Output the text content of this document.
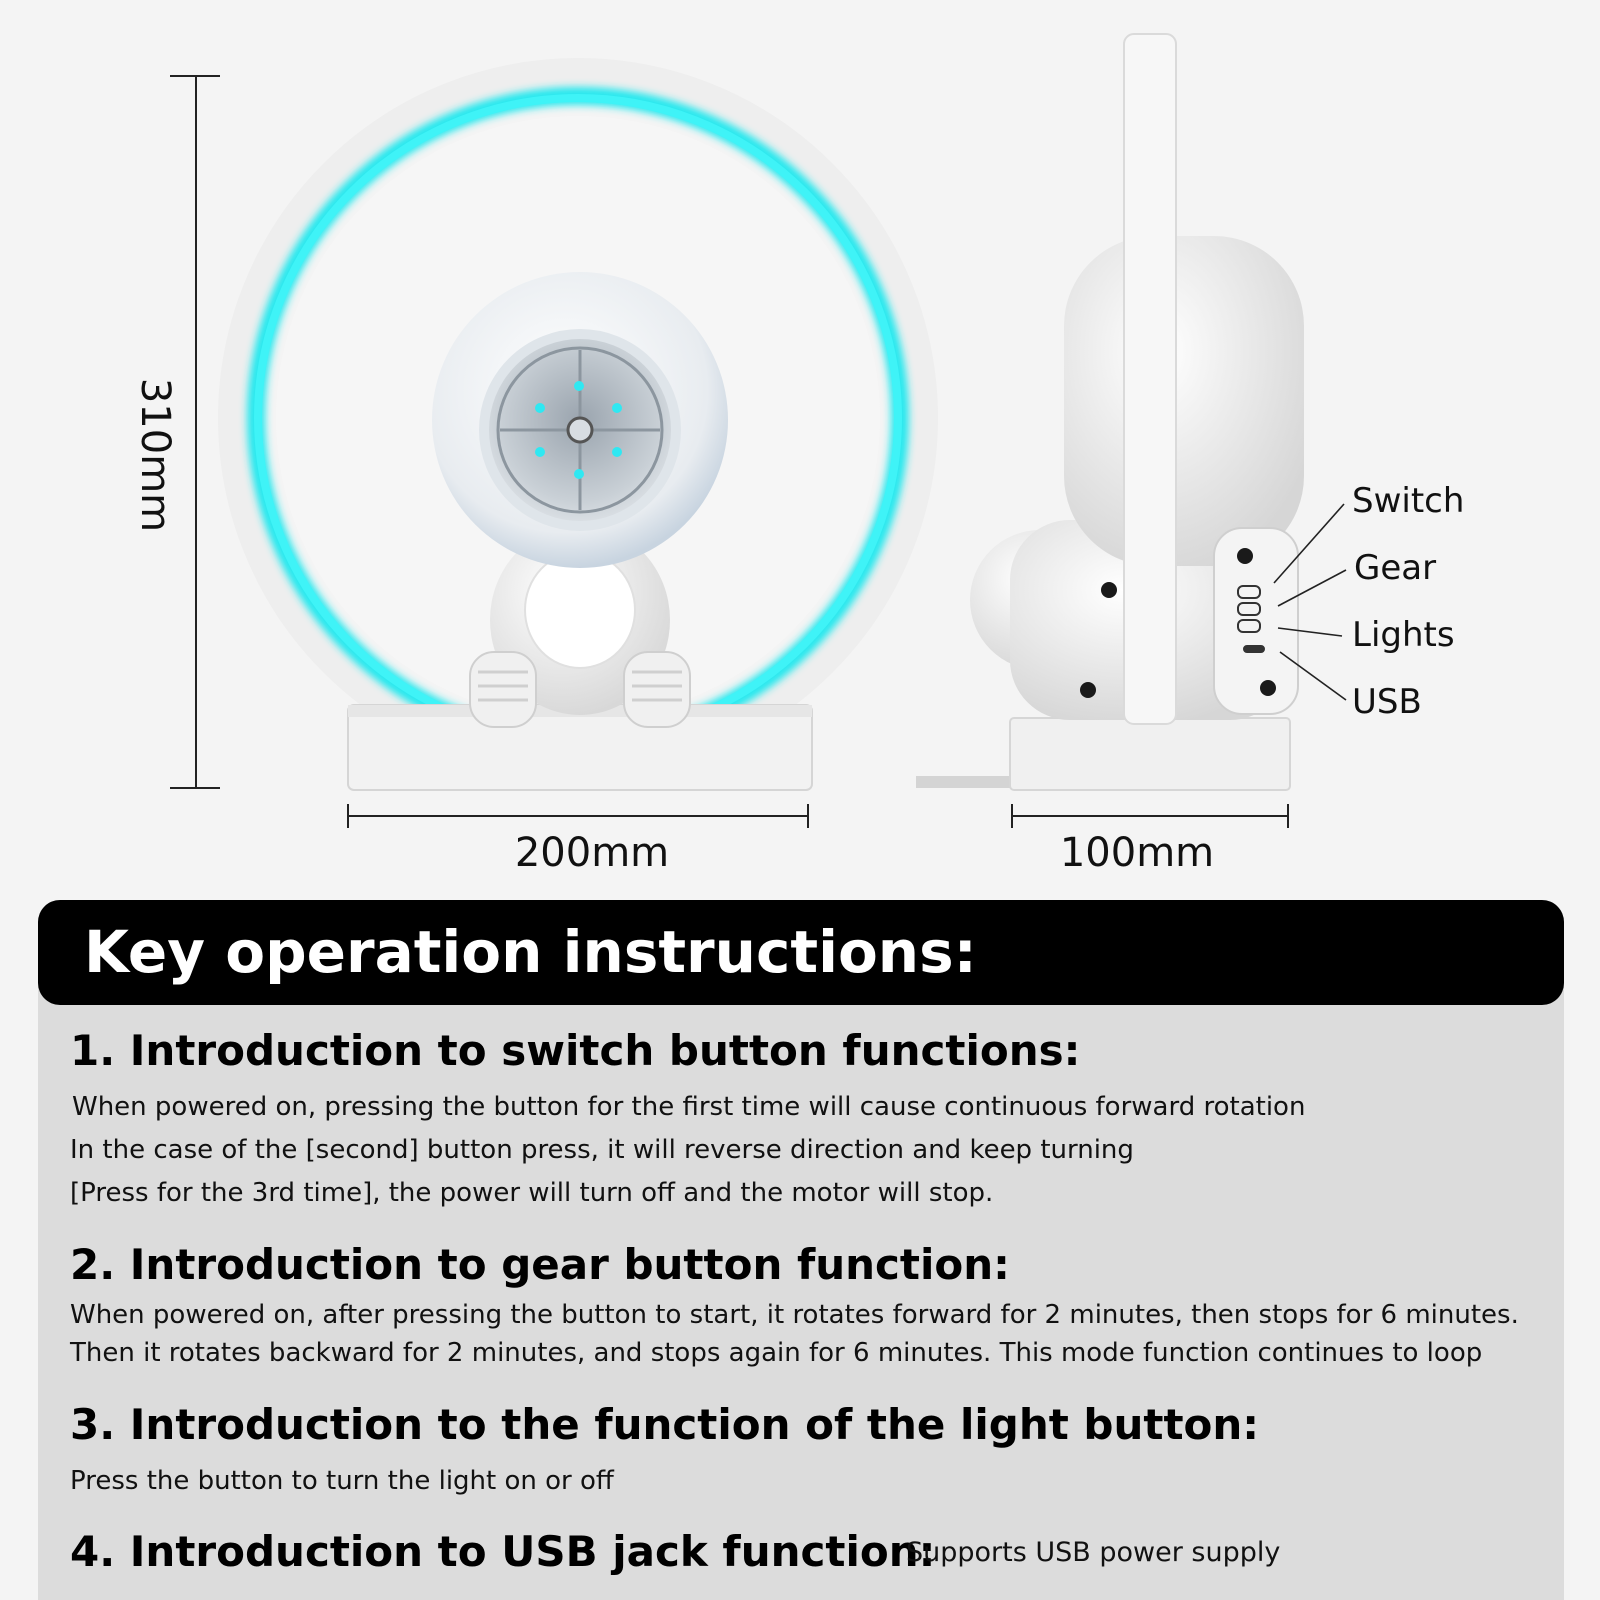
310mm
200mm	100mm
Switch
Gear
Lights
USB
Key operation instructions:
1. Introduction to switch button functions:
When powered on, pressing the button for the first time will cause continuous forward rotation
In the case of the [second] button press, it will reverse direction and keep turning
[Press for the 3rd time], the power will turn off and the motor will stop.
2. Introduction to gear button function:
When powered on, after pressing the button to start, it rotates forward for 2 minutes, then stops for 6 minutes.
Then it rotates backward for 2 minutes, and stops again for 6 minutes. This mode function continues to loop
3. Introduction to the function of the light button:
Press the button to turn the light on or off
4. Introduction to USB jack function:
Supports USB power supply
